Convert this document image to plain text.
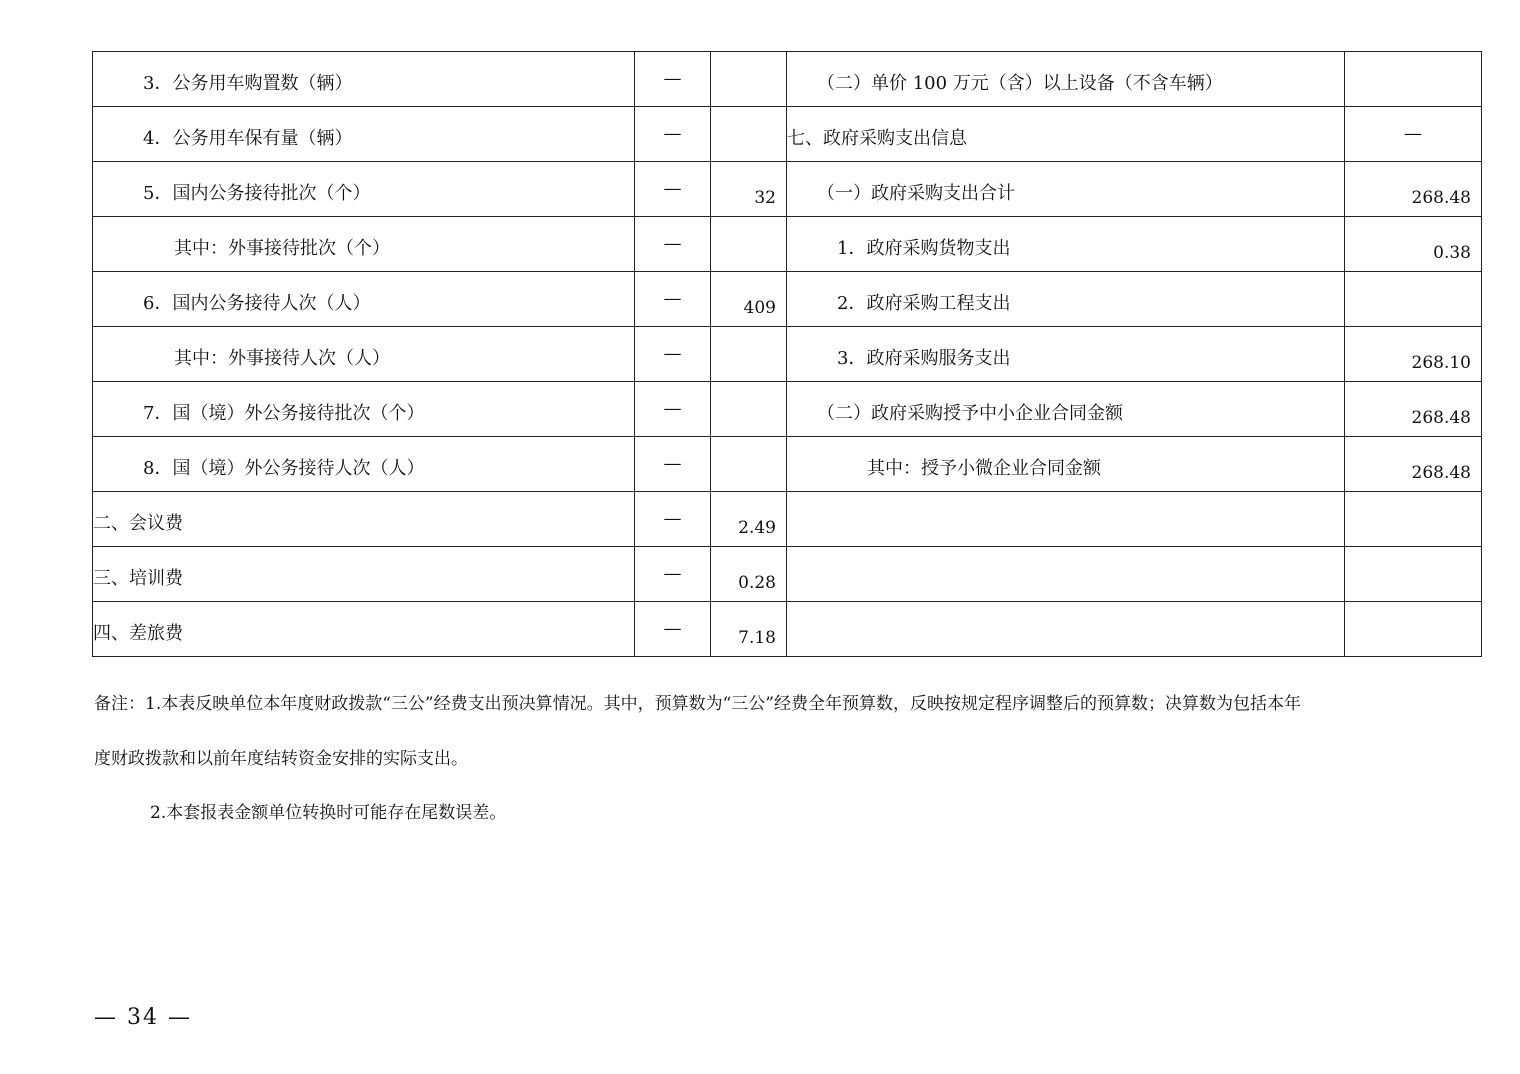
3．公务用车购置数（辆）	—		（二）单价 100 万元（含）以上设备（不含车辆）	

4．公务用车保有量（辆）	—		七、政府采购支出信息	—

5．国内公务接待批次（个）	—	32	（一）政府采购支出合计	268.48

其中：外事接待批次（个）	—		1．政府采购货物支出	0.38

6．国内公务接待人次（人）	—	409	2．政府采购工程支出	

其中：外事接待人次（人）	—		3．政府采购服务支出	268.10

7．国（境）外公务接待批次（个）	—		（二）政府采购授予中小企业合同金额	268.48

8．国（境）外公务接待人次（人）	—		其中：授予小微企业合同金额	268.48

二、会议费	—	2.49		

三、培训费	—	0.28		

四、差旅费	—	7.18		

备注：1.本表反映单位本年度财政拨款“三公”经费支出预决算情况。其中，预算数为“三公”经费全年预算数，反映按规定程序调整后的预算数；决算数为包括本年

度财政拨款和以前年度结转资金安排的实际支出。

2.本套报表金额单位转换时可能存在尾数误差。

— 34 —
